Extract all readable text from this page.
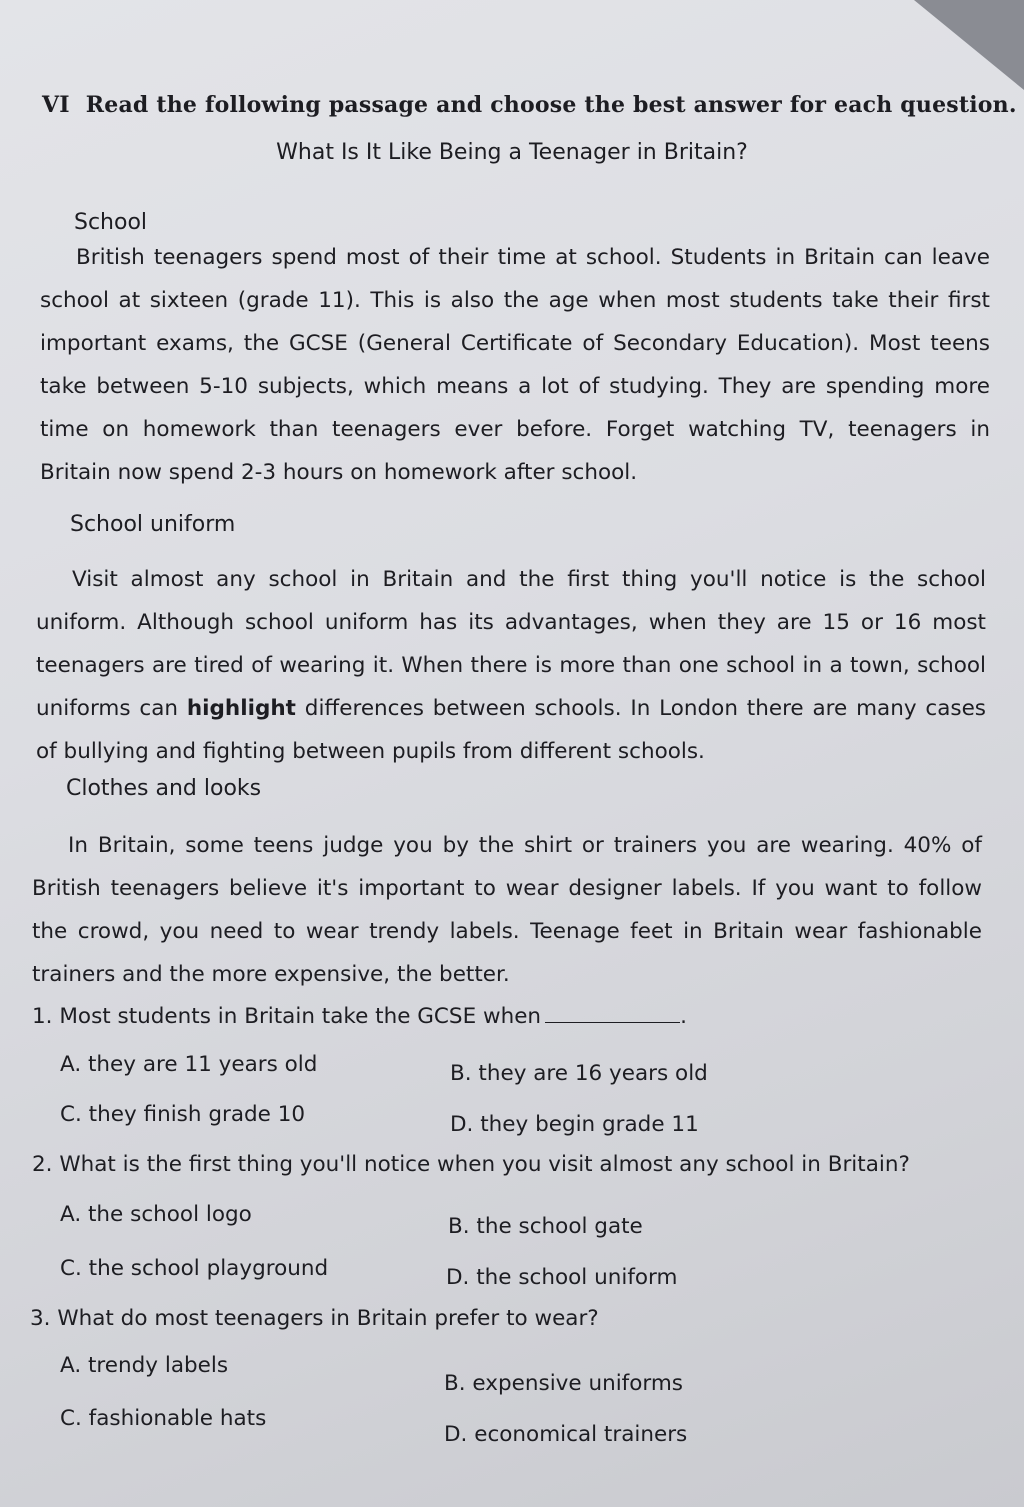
VI Read the following passage and choose the best answer for each question.
What Is It Like Being a Teenager in Britain?
School
British teenagers spend most of their time at school. Students in Britain can leave school at sixteen (grade 11). This is also the age when most students take their first important exams, the GCSE (General Certificate of Secondary Education). Most teens take between 5-10 subjects, which means a lot of studying. They are spending more time on homework than teenagers ever before. Forget watching TV, teenagers in Britain now spend 2-3 hours on homework after school.
School uniform
Visit almost any school in Britain and the first thing you'll notice is the school uniform. Although school uniform has its advantages, when they are 15 or 16 most teenagers are tired of wearing it. When there is more than one school in a town, school uniforms can highlight differences between schools. In London there are many cases of bullying and fighting between pupils from different schools.
Clothes and looks
In Britain, some teens judge you by the shirt or trainers you are wearing. 40% of British teenagers believe it's important to wear designer labels. If you want to follow the crowd, you need to wear trendy labels. Teenage feet in Britain wear fashionable trainers and the more expensive, the better.
1. Most students in Britain take the GCSE when	.
A. they are 11 years old	B. they are 16 years old
C. they finish grade 10	D. they begin grade 11
2. What is the first thing you'll notice when you visit almost any school in Britain?
A. the school logo	B. the school gate
C. the school playground	D. the school uniform
3. What do most teenagers in Britain prefer to wear?
A. trendy labels
B. expensive uniforms
C. fashionable hats
D. economical trainers
